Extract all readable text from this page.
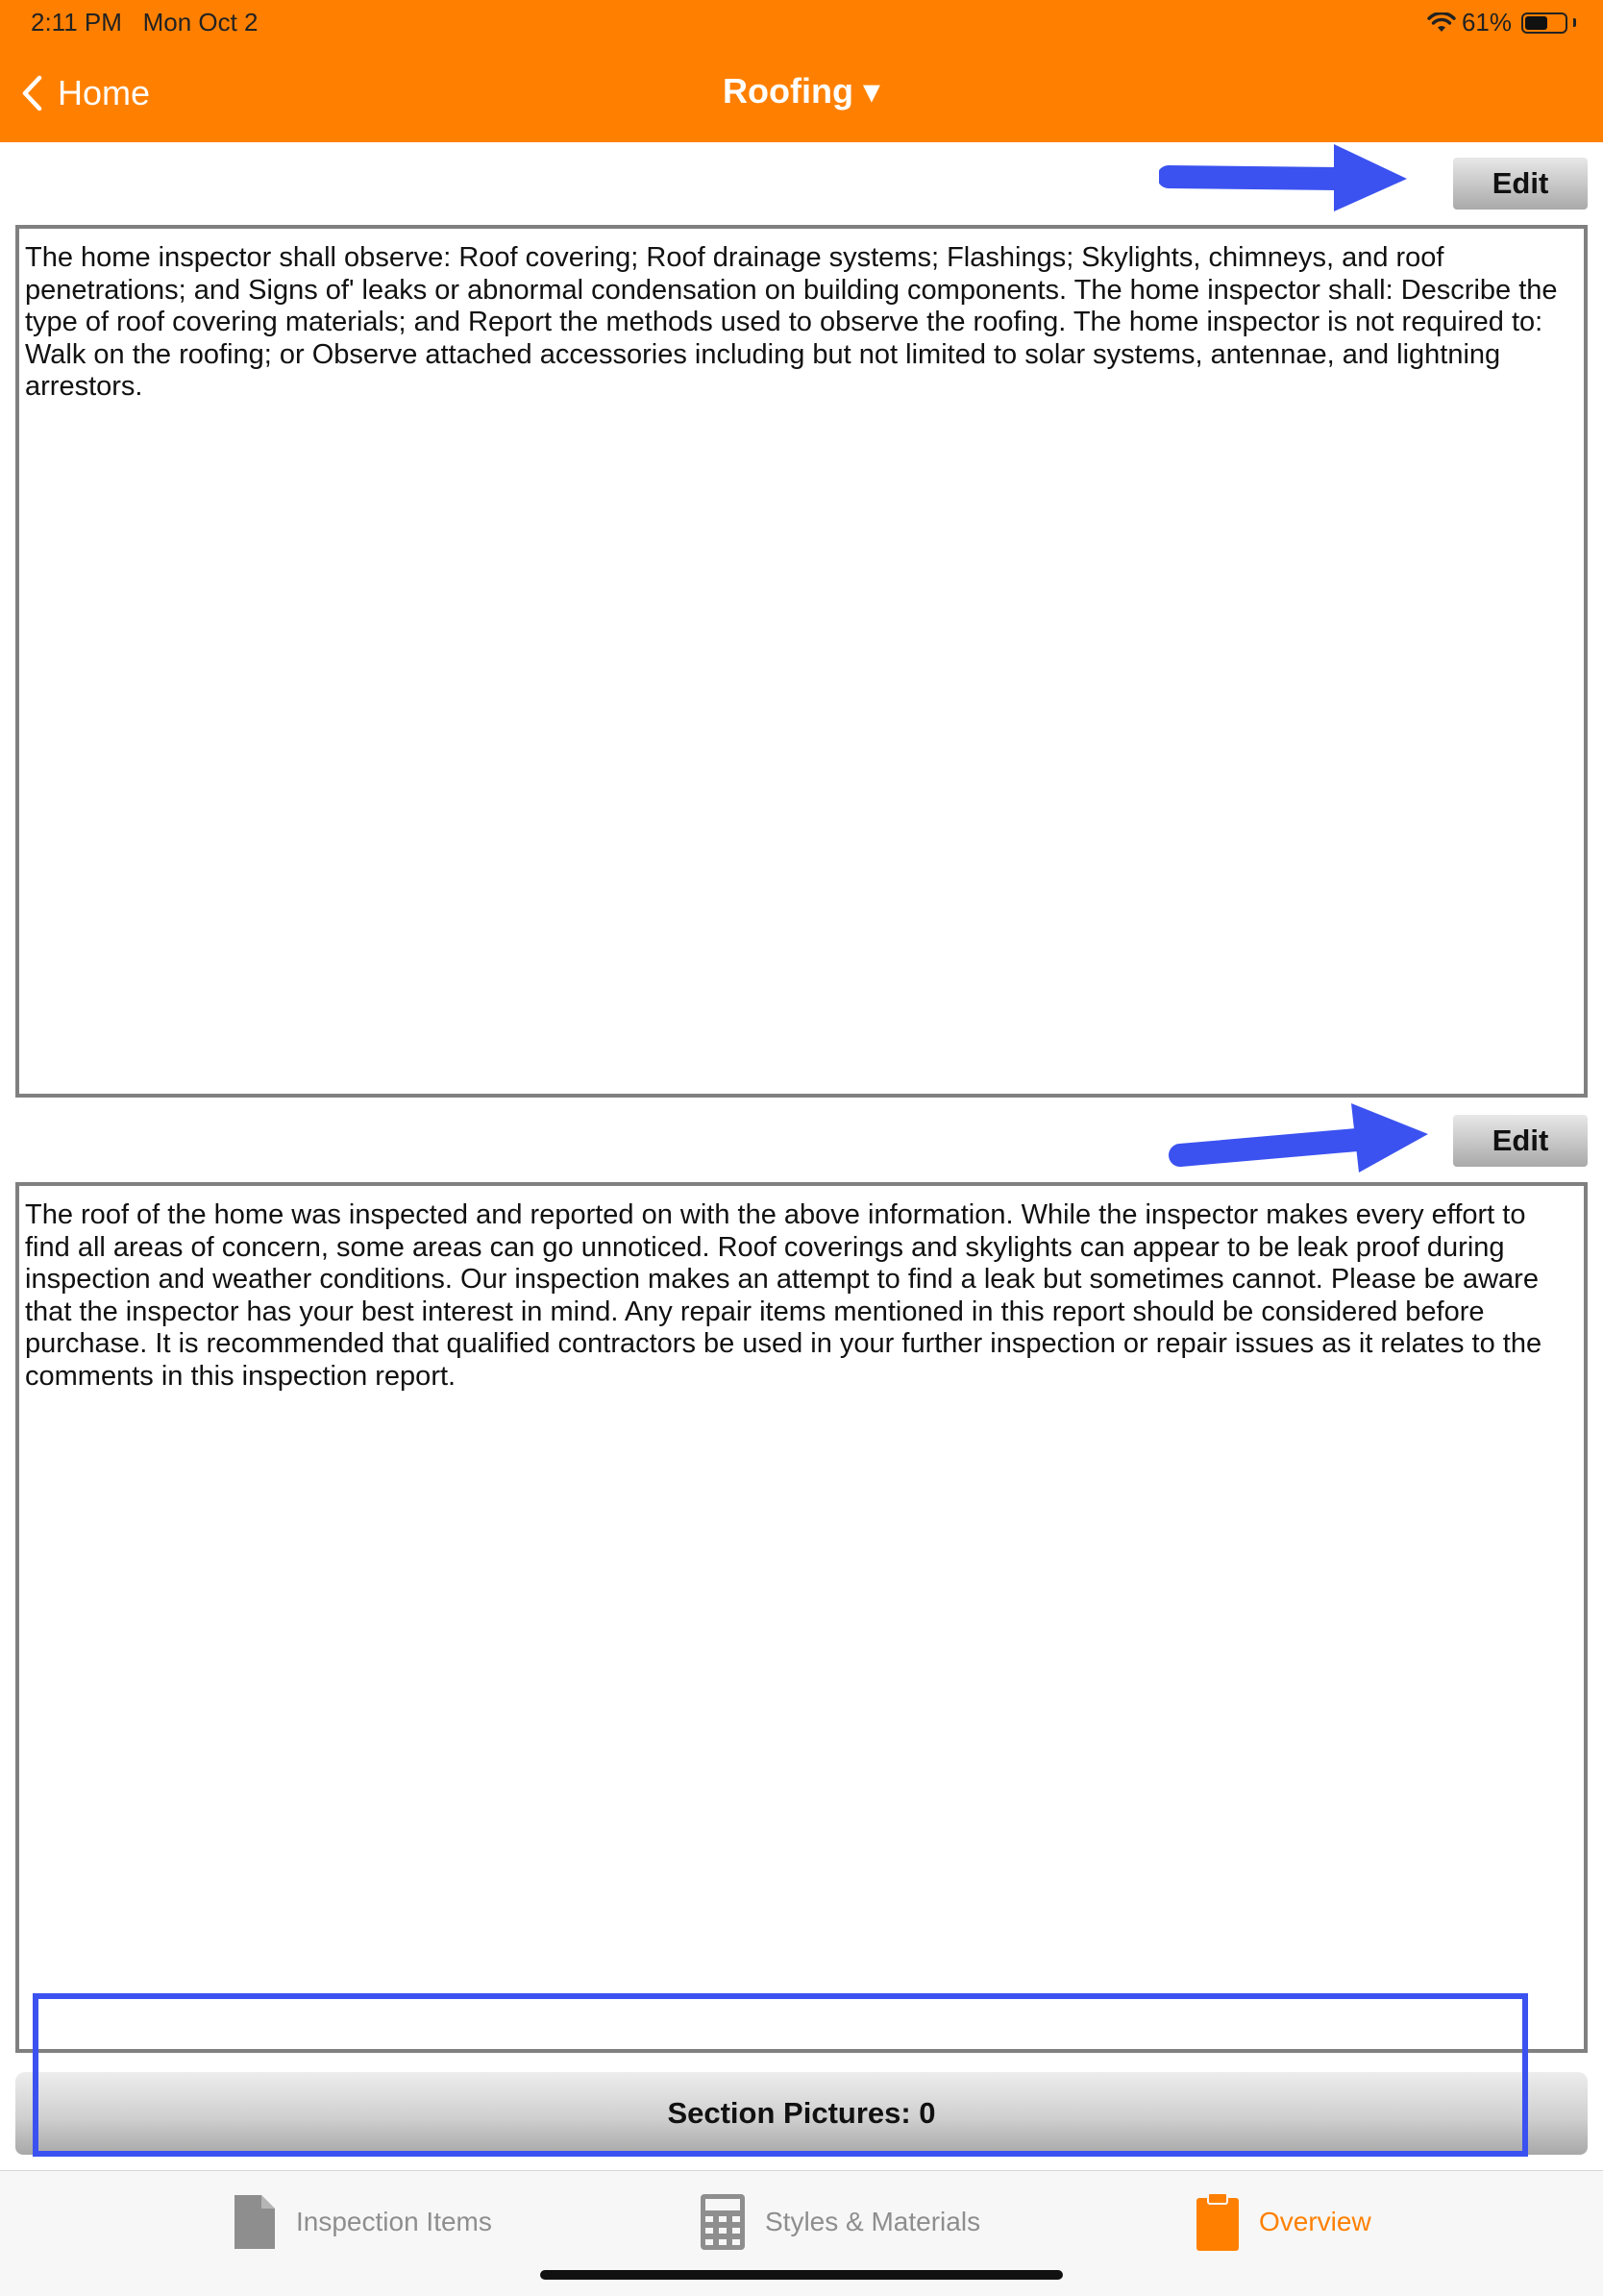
2:11 PM Mon Oct 2	61%
Home	Roofing ▾
Edit
The home inspector shall observe: Roof covering; Roof drainage systems; Flashings; Skylights, chimneys, and roof penetrations; and Signs of' leaks or abnormal condensation on building components. The home inspector shall: Describe the type of roof covering materials; and Report the methods used to observe the roofing. The home inspector is not required to: Walk on the roofing; or Observe attached accessories including but not limited to solar systems, antennae, and lightning arrestors.
Edit
The roof of the home was inspected and reported on with the above information. While the inspector makes every effort to find all areas of concern, some areas can go unnoticed. Roof coverings and skylights can appear to be leak proof during inspection and weather conditions. Our inspection makes an attempt to find a leak but sometimes cannot. Please be aware that the inspector has your best interest in mind. Any repair items mentioned in this report should be considered before purchase. It is recommended that qualified contractors be used in your further inspection or repair issues as it relates to the comments in this inspection report.
Section Pictures: 0
Inspection Items	Styles & Materials	Overview
